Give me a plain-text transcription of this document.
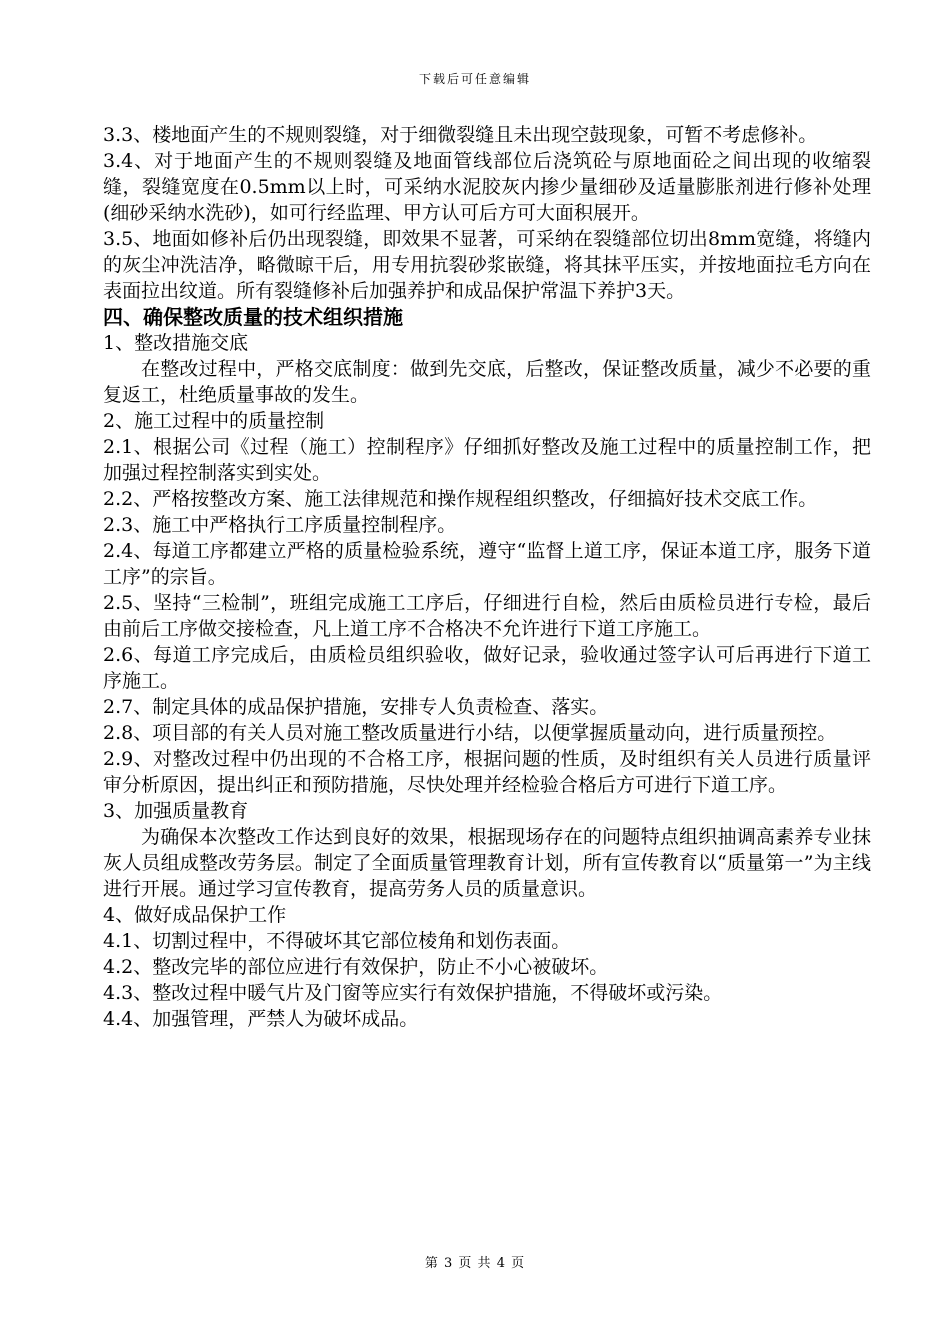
下载后可任意编辑

3.3、楼地面产生的不规则裂缝，对于细微裂缝且未出现空鼓现象，可暂不考虑修补。

3.4、对于地面产生的不规则裂缝及地面管线部位后浇筑砼与原地面砼之间出现的收缩裂缝，裂缝宽度在0.5mm以上时，可采纳水泥胶灰内掺少量细砂及适量膨胀剂进行修补处理(细砂采纳水洗砂)，如可行经监理、甲方认可后方可大面积展开。

3.5、地面如修补后仍出现裂缝，即效果不显著，可采纳在裂缝部位切出8mm宽缝，将缝内的灰尘冲洗洁净，略微晾干后，用专用抗裂砂浆嵌缝，将其抹平压实，并按地面拉毛方向在表面拉出纹道。所有裂缝修补后加强养护和成品保护常温下养护3天。

四、确保整改质量的技术组织措施

1、整改措施交底

在整改过程中，严格交底制度：做到先交底，后整改，保证整改质量，减少不必要的重复返工，杜绝质量事故的发生。

2、施工过程中的质量控制

2.1、根据公司《过程（施工）控制程序》仔细抓好整改及施工过程中的质量控制工作，把加强过程控制落实到实处。

2.2、严格按整改方案、施工法律规范和操作规程组织整改，仔细搞好技术交底工作。

2.3、施工中严格执行工序质量控制程序。

2.4、每道工序都建立严格的质量检验系统，遵守“监督上道工序，保证本道工序，服务下道工序”的宗旨。

2.5、坚持“三检制”，班组完成施工工序后，仔细进行自检，然后由质检员进行专检，最后由前后工序做交接检查，凡上道工序不合格决不允许进行下道工序施工。

2.6、每道工序完成后，由质检员组织验收，做好记录，验收通过签字认可后再进行下道工序施工。

2.7、制定具体的成品保护措施，安排专人负责检查、落实。

2.8、项目部的有关人员对施工整改质量进行小结，以便掌握质量动向，进行质量预控。

2.9、对整改过程中仍出现的不合格工序，根据问题的性质，及时组织有关人员进行质量评审分析原因，提出纠正和预防措施，尽快处理并经检验合格后方可进行下道工序。

3、加强质量教育

为确保本次整改工作达到良好的效果，根据现场存在的问题特点组织抽调高素养专业抹灰人员组成整改劳务层。制定了全面质量管理教育计划，所有宣传教育以“质量第一”为主线进行开展。通过学习宣传教育，提高劳务人员的质量意识。

4、做好成品保护工作

4.1、切割过程中，不得破坏其它部位棱角和划伤表面。

4.2、整改完毕的部位应进行有效保护，防止不小心被破坏。

4.3、整改过程中暖气片及门窗等应实行有效保护措施，不得破坏或污染。

4.4、加强管理，严禁人为破坏成品。

第 3 页 共 4 页
